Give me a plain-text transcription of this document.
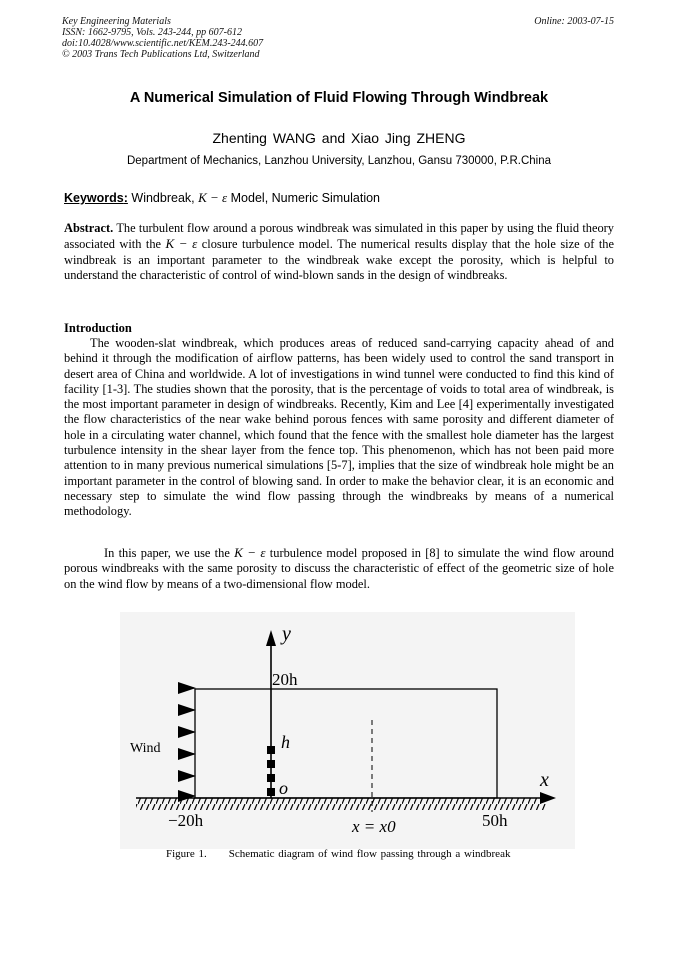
Key Engineering Materials
ISSN: 1662-9795, Vols. 243-244, pp 607-612
doi:10.4028/www.scientific.net/KEM.243-244.607
© 2003 Trans Tech Publications Ltd, Switzerland
Online: 2003-07-15
A Numerical Simulation of Fluid Flowing Through Windbreak
Zhenting WANG and Xiao Jing ZHENG
Department of Mechanics, Lanzhou University, Lanzhou, Gansu 730000, P.R.China
Keywords: Windbreak, K − ε Model, Numeric Simulation
Abstract. The turbulent flow around a porous windbreak was simulated in this paper by using the fluid theory associated with the K − ε closure turbulence model. The numerical results display that the hole size of the windbreak is an important parameter to the windbreak wake except the porosity, which is helpful to understand the characteristic of control of wind-blown sands in the design of windbreaks.
Introduction
The wooden-slat windbreak, which produces areas of reduced sand-carrying capacity ahead of and behind it through the modification of airflow patterns, has been widely used to control the sand transport in desert area of China and worldwide. A lot of investigations in wind tunnel were conducted to find this kind of facility [1-3]. The studies shown that the porosity, that is the percentage of voids to total area of windbreak, is the most important parameter in design of windbreaks. Recently, Kim and Lee [4] experimentally investigated the flow characteristics of the near wake behind porous fences with same porosity and different diameter of hole in a circulating water channel, which found that the fence with the smallest hole diameter has the largest turbulence intensity in the shear layer from the fence top. This phenomenon, which has not been paid more attention to in many previous numerical simulations [5-7], implies that the size of windbreak hole might be an important parameter in the control of blowing sand. In order to make the behavior clear, it is an economic and necessary step to simulate the wind flow passing through the windbreaks by means of a numerical methodology.
In this paper, we use the K − ε turbulence model proposed in [8] to simulate the wind flow around porous windbreaks with the same porosity to discuss the characteristic of effect of the geometric size of hole on the wind flow by means of a two-dimensional flow model.
y
x
20h
h
o
Wind
−20h	50h
x = x0
Figure 1. Schematic diagram of wind flow passing through a windbreak
